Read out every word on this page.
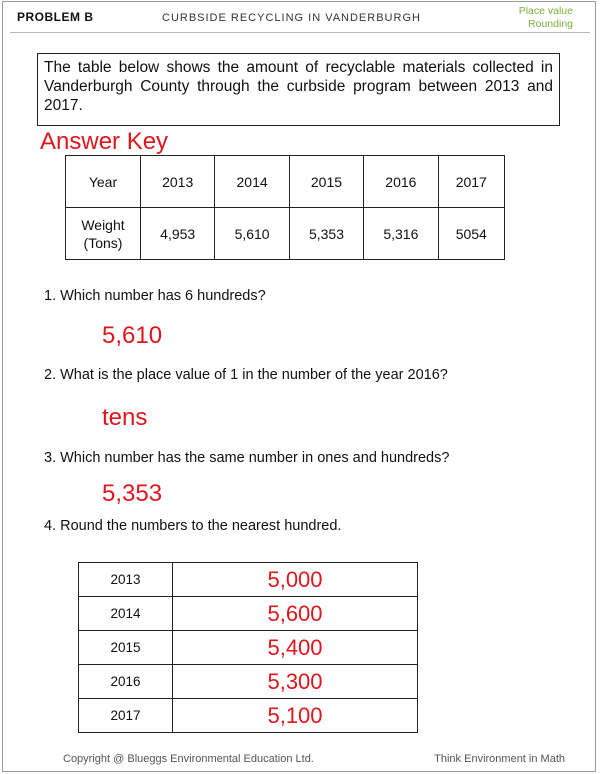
PROBLEM B	CURBSIDE RECYCLING IN VANDERBURGH
Place value
Rounding
The table below shows the amount of recyclable materials collected in Vanderburgh County through the curbside program between 2013 and 2017.
Answer Key
Year	2013	2014	2015	2016	2017

Weight
(Tons)	4,953	5,610	5,353	5,316	5054
1. Which number has 6 hundreds?
5,610
2. What is the place value of 1 in the number of the year 2016?
tens
3. Which number has the same number in ones and hundreds?
5,353
4. Round the numbers to the nearest hundred.
2013	5,000
2014	5,600
2015	5,400
2016	5,300
2017	5,100
Copyright @ Blueggs Environmental Education Ltd.	Think Environment in Math
